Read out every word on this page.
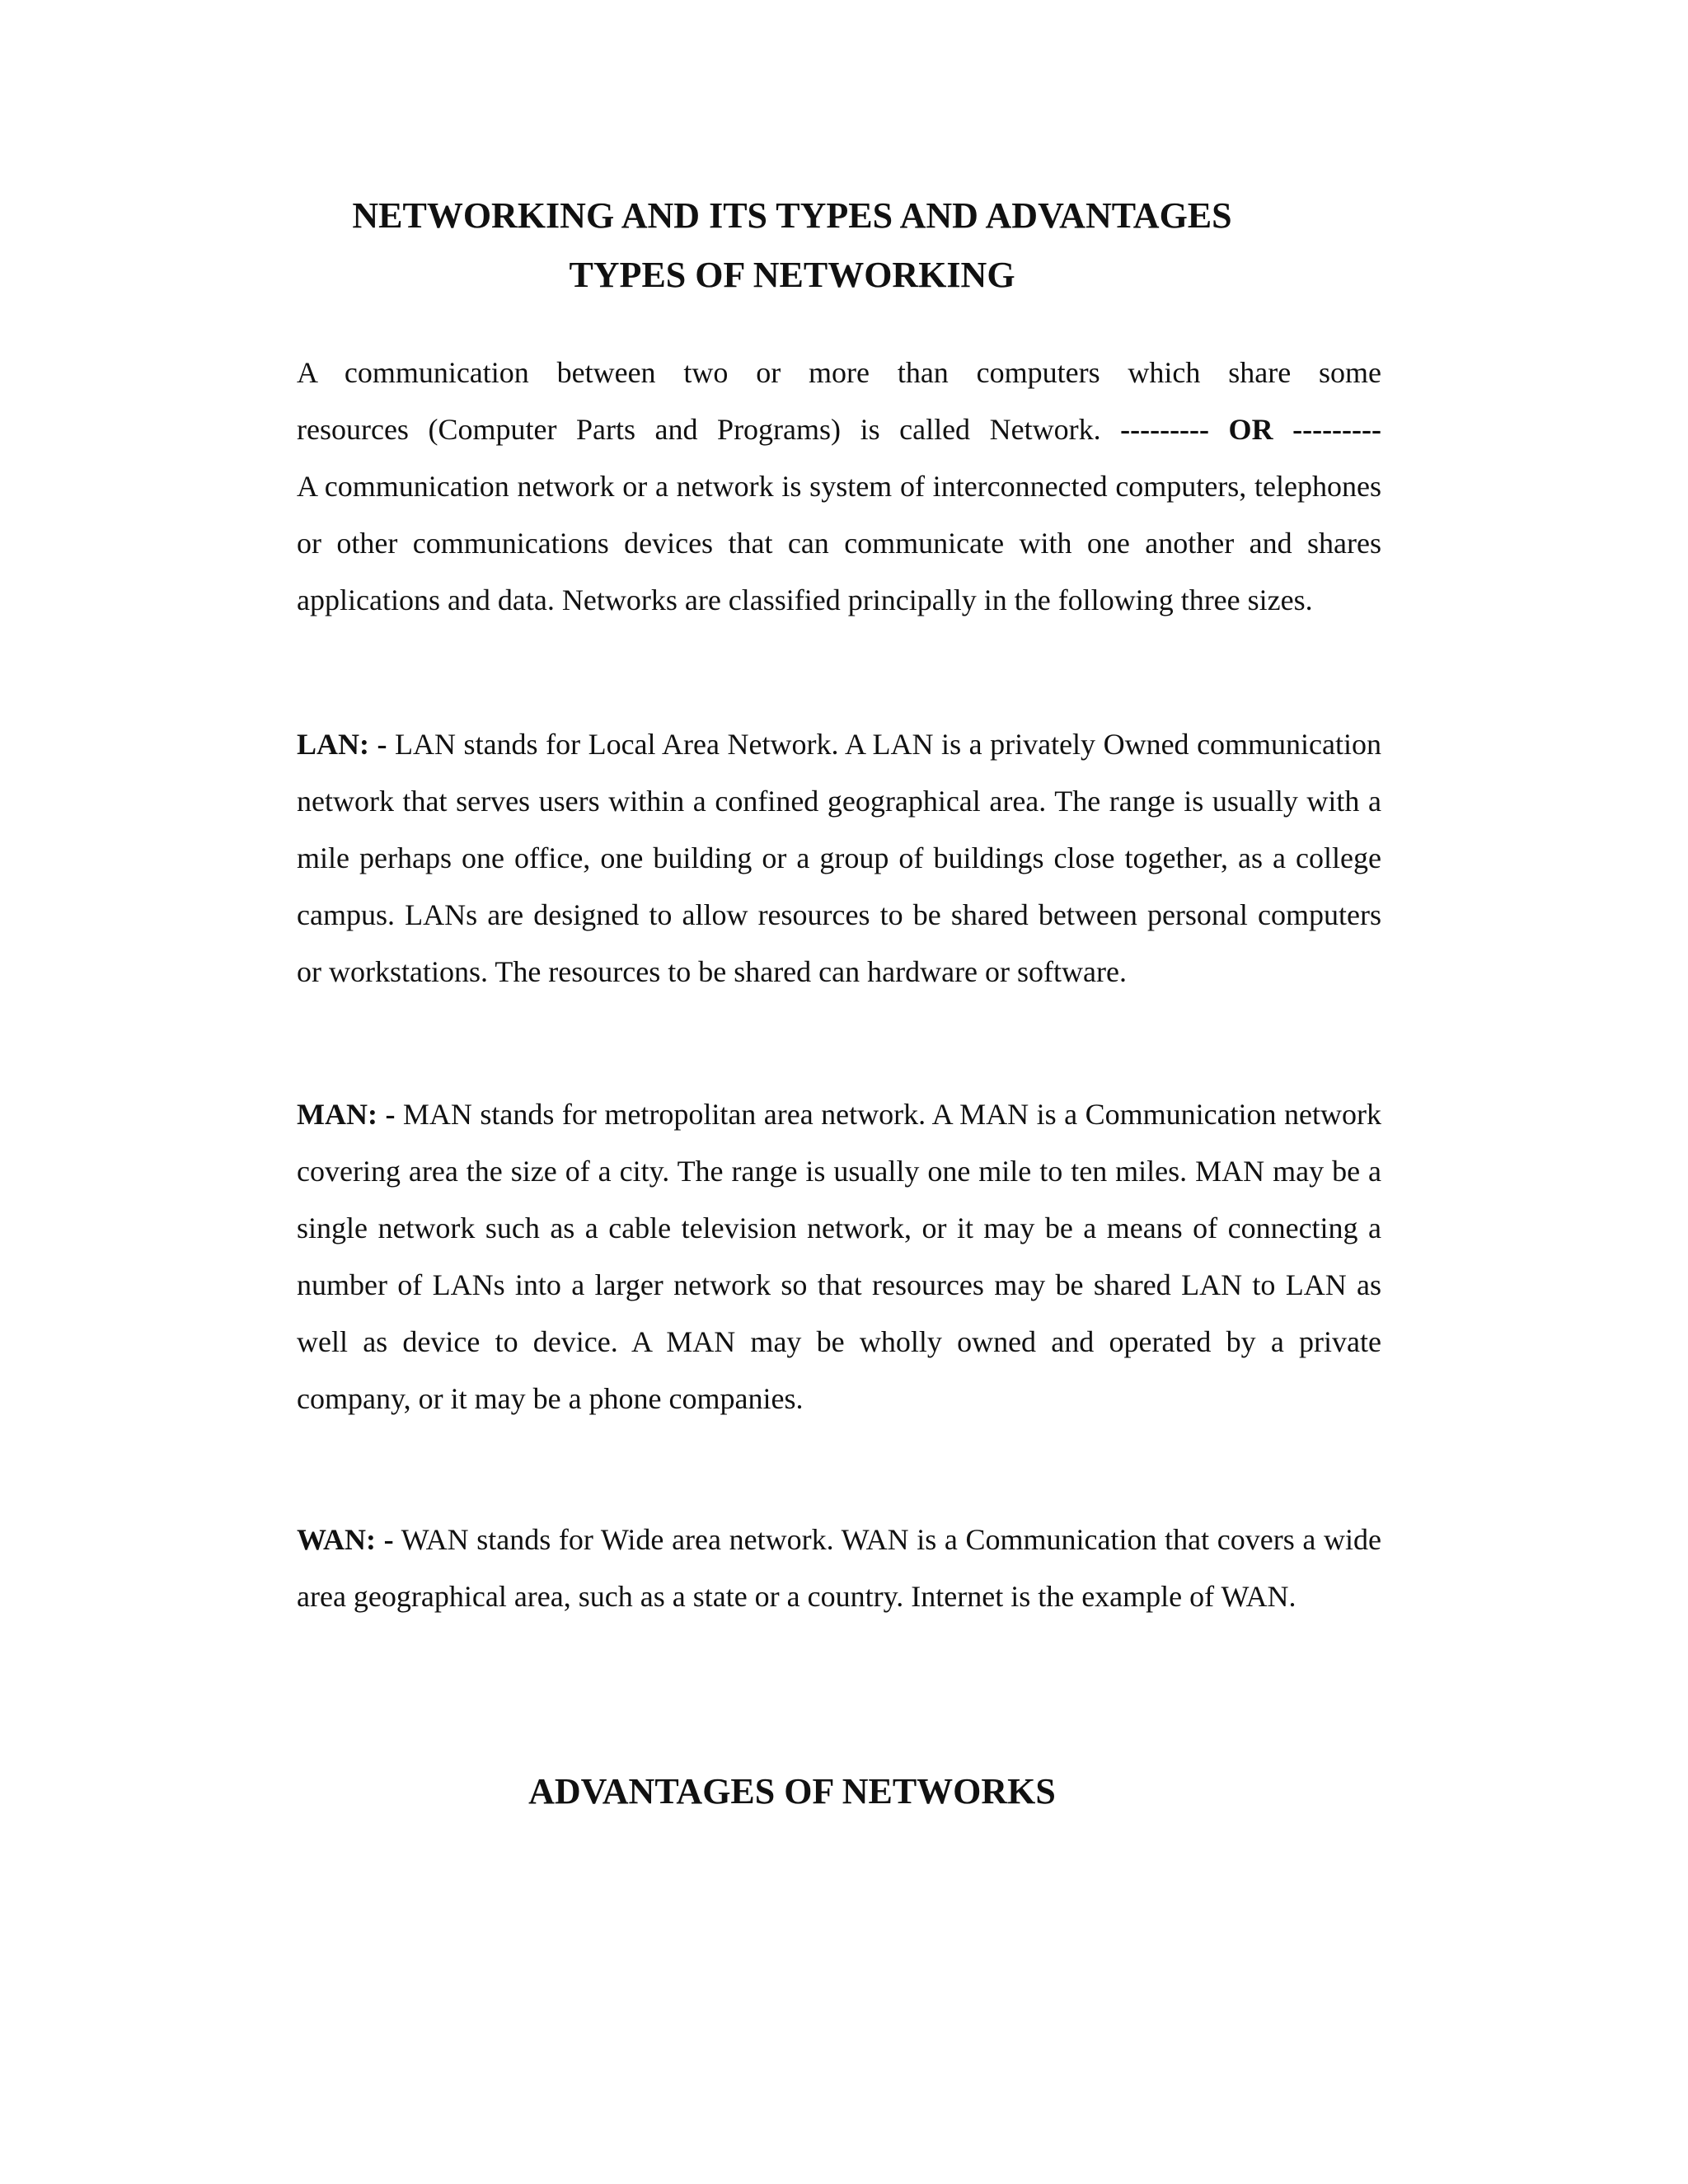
NETWORKING AND ITS TYPES AND ADVANTAGES
TYPES OF NETWORKING

A communication between two or more than computers which share some
resources (Computer Parts and Programs) is called Network. --------- OR ---------
A communication network or a network is system of interconnected computers, telephones or other communications devices that can communicate with one another and shares applications and data. Networks are classified principally in the following three sizes.

LAN: - LAN stands for Local Area Network. A LAN is a privately Owned communication network that serves users within a confined geographical area. The range is usually with a mile perhaps one office, one building or a group of buildings close together, as a college campus. LANs are designed to allow resources to be shared between personal computers or workstations. The resources to be shared can hardware or software.

MAN: - MAN stands for metropolitan area network. A MAN is a Communication network covering area the size of a city. The range is usually one mile to ten miles. MAN may be a single network such as a cable television network, or it may be a means of connecting a number of LANs into a larger network so that resources may be shared LAN to LAN as well as device to device. A MAN may be wholly owned and operated by a private company, or it may be a phone companies.

WAN: - WAN stands for Wide area network. WAN is a Communication that covers a wide area geographical area, such as a state or a country. Internet is the example of WAN.

ADVANTAGES OF NETWORKS
